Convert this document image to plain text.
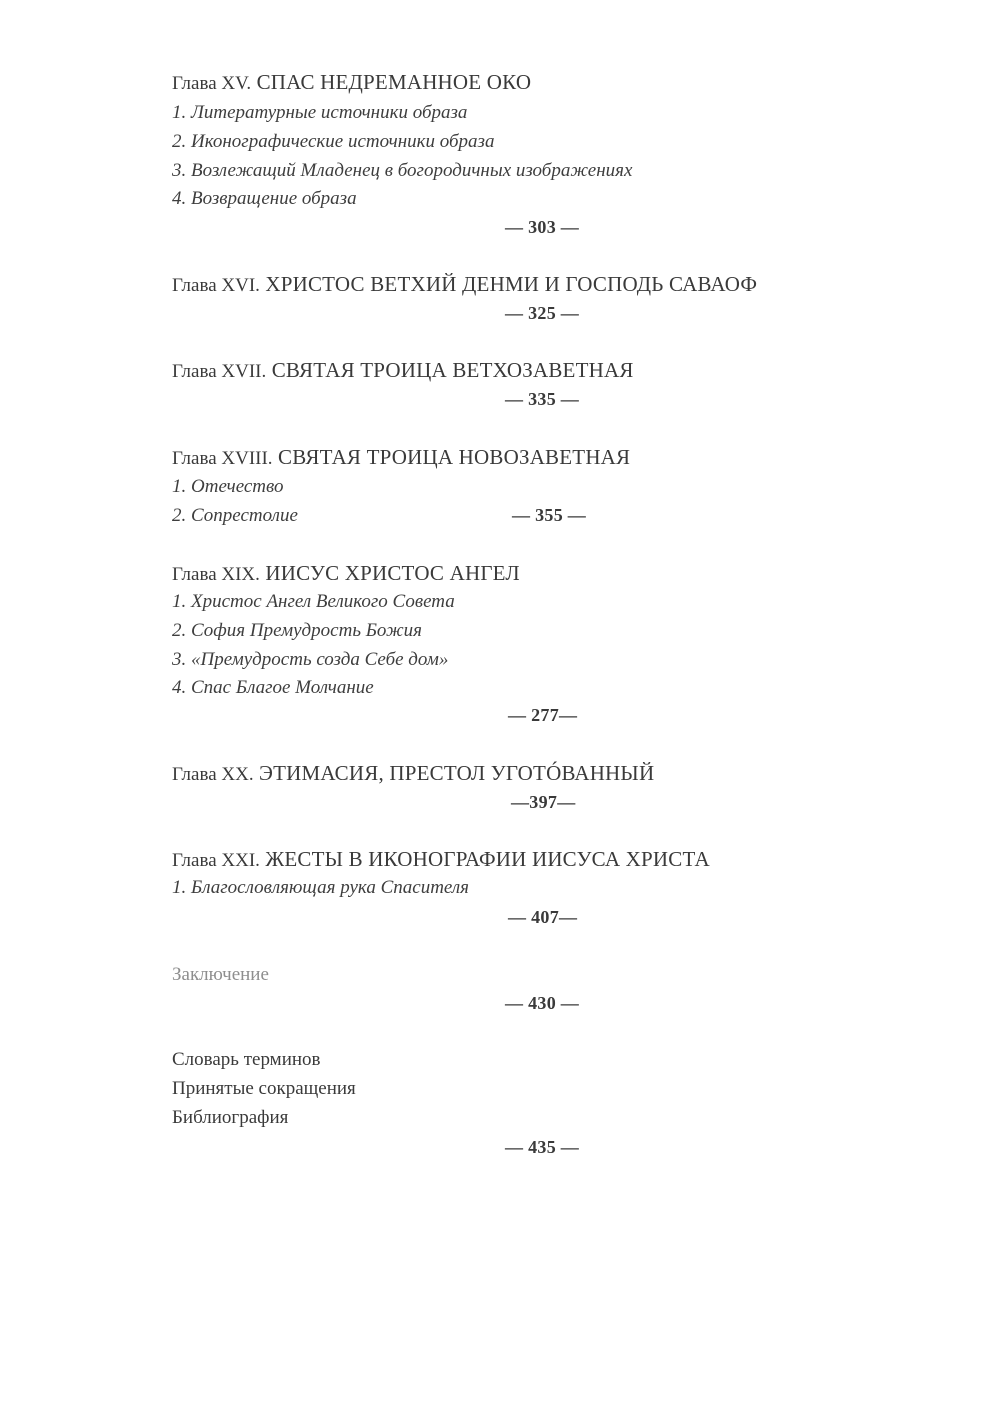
Глава XV. СПАС НЕДРЕМАННОЕ ОКО
1. Литературные источники образа
2. Иконографические источники образа
3. Возлежащий Младенец в богородичных изображениях
4. Возвращение образа
— 303 —
Глава XVI. ХРИСТОС ВЕТХИЙ ДЕНМИ И ГОСПОДЬ САВАОФ
— 325 —
Глава XVII. СВЯТАЯ ТРОИЦА ВЕТХОЗАВЕТНАЯ
— 335 —
Глава XVIII. СВЯТАЯ ТРОИЦА НОВОЗАВЕТНАЯ
1. Отечество
2. Сопрестолие	— 355 —
Глава XIX. ИИСУС ХРИСТОС АНГЕЛ
1. Христос Ангел Великого Совета
2. София Премудрость Божия
3. «Премудрость созда Себе дом»
4. Спас Благое Молчание
— 277—
Глава XX. ЭТИМАСИЯ, ПРЕСТОЛ УГОТÓВАННЫЙ
—397—
Глава XXI. ЖЕСТЫ В ИКОНОГРАФИИ ИИСУСА ХРИСТА
1. Благословляющая рука Спасителя
— 407—
Заключение
— 430 —
Словарь терминов
Принятые сокращения
Библиография
— 435 —
